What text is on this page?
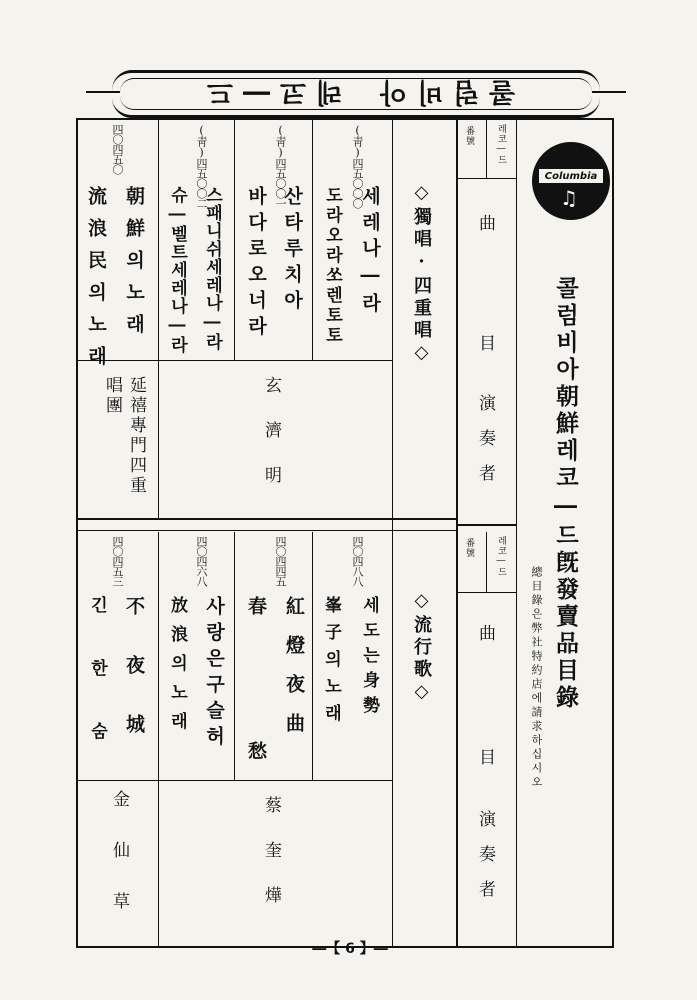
드 ― 코 레 아 비 럼 콜
Columbia
♫
콜럼비아朝鮮레코―드旣發賣品目錄
總目錄은弊社特約店에請求하십시오
레코―드
番號
曲
目
演奏者
레코―드
番號
曲
目
演奏者
◇獨唱·四重唱◇
◇流行歌◇
(靑)四五〇〇〇
세레나―라
도라오라쏘렌토토
(靑)四五〇〇一
산타루치아
바다로오너라
(靑)四五〇〇二
스패니쉬세레나―라
슈―벨트세레나―라
四〇四五〇
朝鮮의노래
流浪民의노래
玄濟明
延禧專門四重唱團
四〇四八八
세도는身勢
峯子의노래
四〇四四五
紅燈夜曲
春愁
四〇四六八
사랑은구슬허
放浪의노래
四〇四五三
不夜城
긴한숨
蔡奎燁
金仙草
―【 6 】―
